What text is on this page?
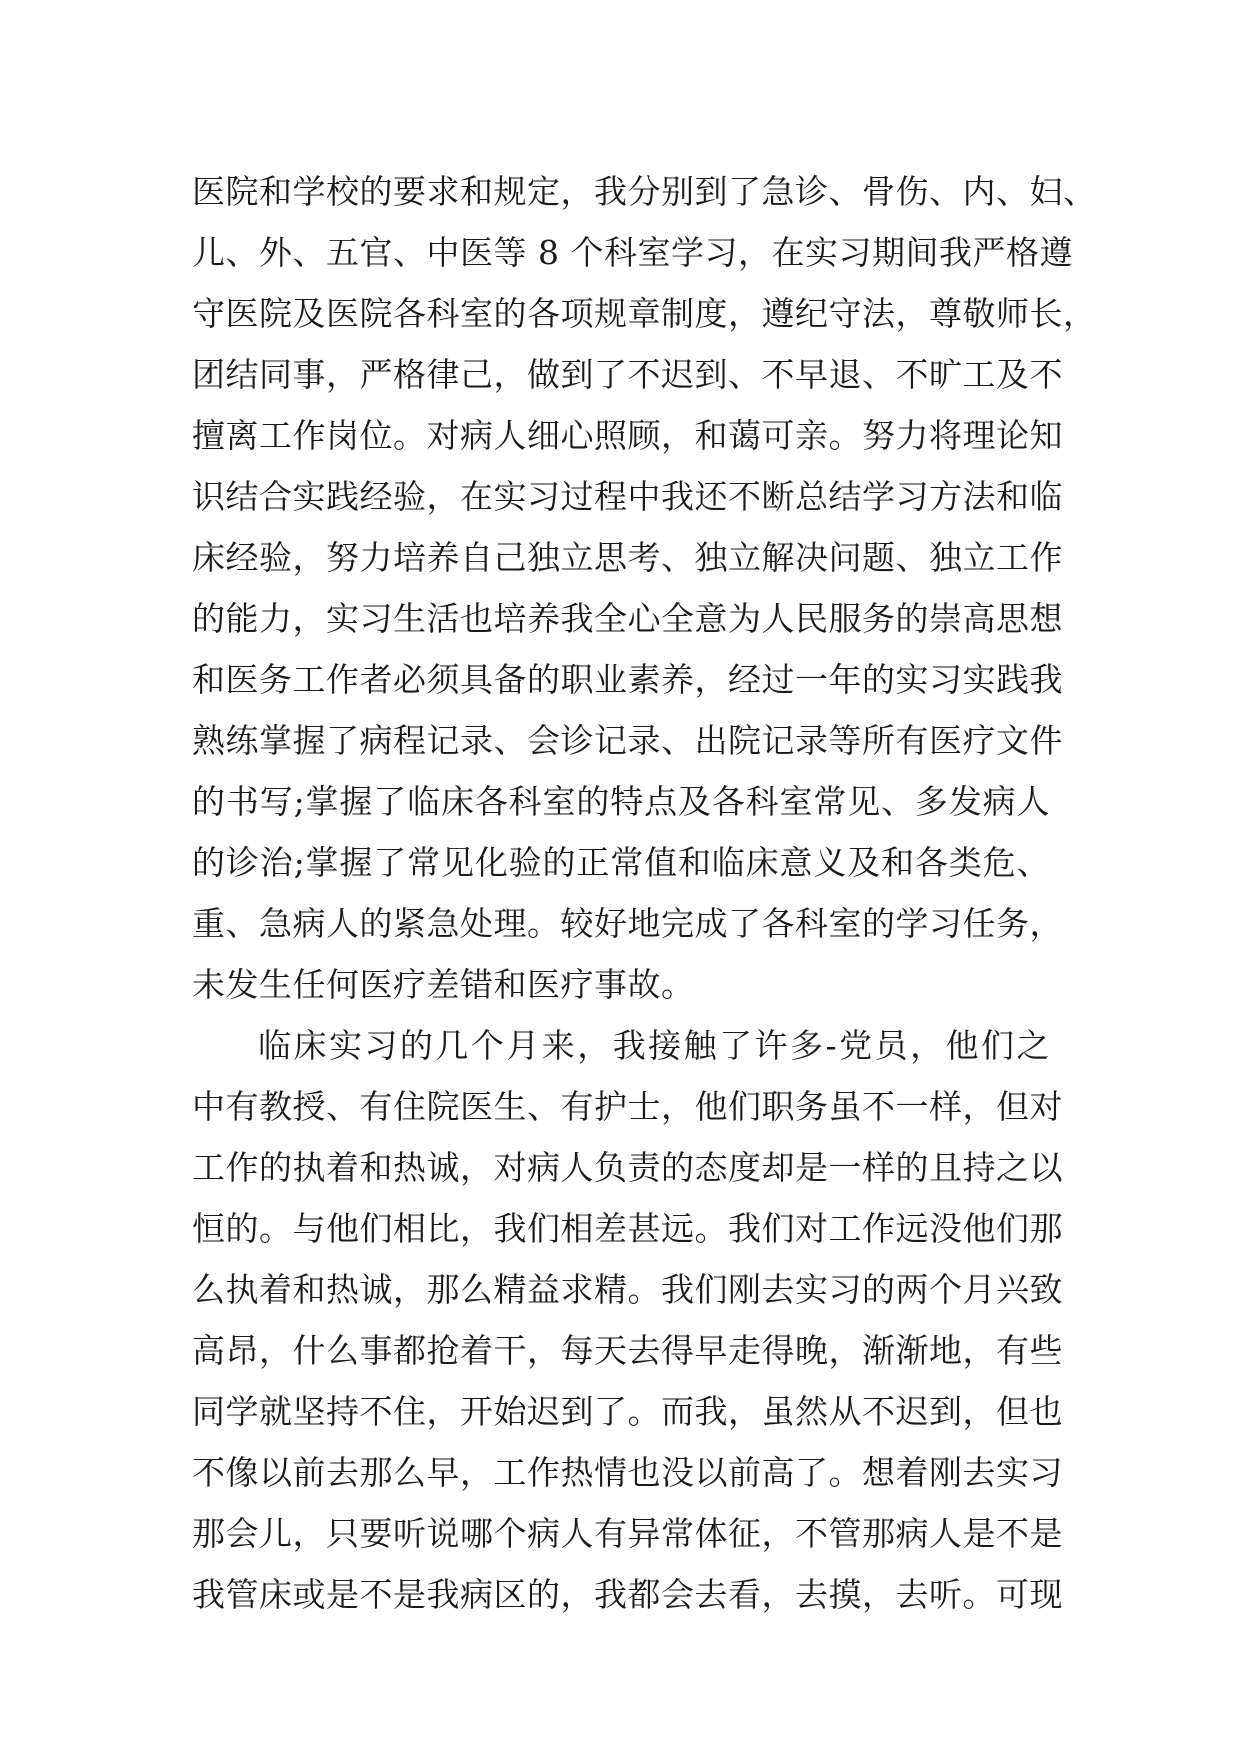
医院和学校的要求和规定，我分别到了急诊、骨伤、内、妇、
儿、外、五官、中医等 8 个科室学习，在实习期间我严格遵
守医院及医院各科室的各项规章制度，遵纪守法，尊敬师长，
团结同事，严格律己，做到了不迟到、不早退、不旷工及不
擅离工作岗位。对病人细心照顾，和蔼可亲。努力将理论知
识结合实践经验，在实习过程中我还不断总结学习方法和临
床经验，努力培养自己独立思考、独立解决问题、独立工作
的能力，实习生活也培养我全心全意为人民服务的崇高思想
和医务工作者必须具备的职业素养，经过一年的实习实践我
熟练掌握了病程记录、会诊记录、出院记录等所有医疗文件
的书写;掌握了临床各科室的特点及各科室常见、多发病人
的诊治;掌握了常见化验的正常值和临床意义及和各类危、
重、急病人的紧急处理。较好地完成了各科室的学习任务，
未发生任何医疗差错和医疗事故。
临床实习的几个月来，我接触了许多-党员，他们之
中有教授、有住院医生、有护士，他们职务虽不一样，但对
工作的执着和热诚，对病人负责的态度却是一样的且持之以
恒的。与他们相比，我们相差甚远。我们对工作远没他们那
么执着和热诚，那么精益求精。我们刚去实习的两个月兴致
高昂，什么事都抢着干，每天去得早走得晚，渐渐地，有些
同学就坚持不住，开始迟到了。而我，虽然从不迟到，但也
不像以前去那么早，工作热情也没以前高了。想着刚去实习
那会儿，只要听说哪个病人有异常体征，不管那病人是不是
我管床或是不是我病区的，我都会去看，去摸，去听。可现
